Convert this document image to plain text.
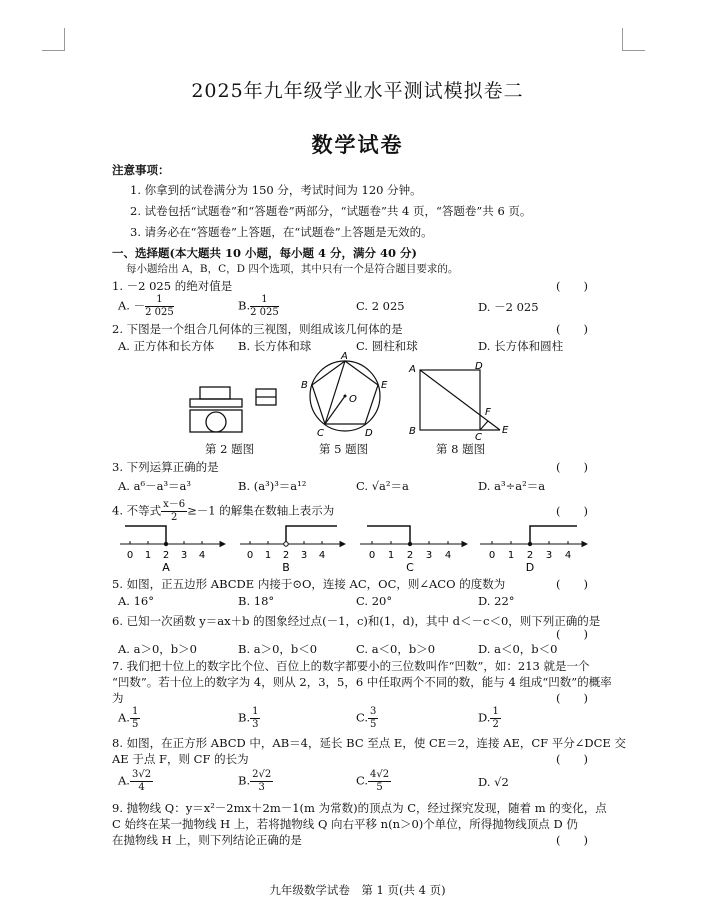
2025年九年级学业水平测试模拟卷二
数学试卷
注意事项：
1. 你拿到的试卷满分为 150 分，考试时间为 120 分钟。
2. 试卷包括“试题卷”和“答题卷”两部分，“试题卷”共 4 页，“答题卷”共 6 页。
3. 请务必在“答题卷”上答题，在“试题卷”上答题是无效的。
一、选择题(本大题共 10 小题，每小题 4 分，满分 40 分)
每小题给出 A，B，C，D 四个选项，其中只有一个是符合题目要求的。
1. －2 025 的绝对值是	(　　)
A. － $\frac{1}{2 025}$	B. $\frac{1}{2 025}$	C. 2 025	D. －2 025
2. 下图是一个组合几何体的三视图，则组成该几何体的是	(　　)
A. 正方体和长方体 B. 长方体和球	C. 圆柱和球	D. 长方体和圆柱
第 2 题图
A
E
D
C
B
O
第 5 题图
A	D
B
C
E
F
第 8 题图
3. 下列运算正确的是	(　　)
A. a⁶－a³＝a³	B. (a³)³＝a¹²	C. √a²＝a	D. a³÷a²＝a
4. 不等式 $\frac{x-6}{2} \ge-1$ 的解集在数轴上表示为	(　　)
0 1 2 3 4	0 1 2 3 4	0 1 2 3 4	0 1 2 3 4
A	B	C	D
5. 如图，正五边形 ABCDE 内接于⊙O，连接 AC，OC，则∠ACO 的度数为	(　　)
A. 16°	B. 18°	C. 20°	D. 22°
6. 已知一次函数 y＝ax＋b 的图象经过点(－1，c)和(1，d)，其中 d＜－c＜0，则下列正确的是
(　　)
A. a＞0，b＞0	B. a＞0，b＜0	C. a＜0，b＞0	D. a＜0，b＜0
7. 我们把十位上的数字比个位、百位上的数字都要小的三位数叫作“凹数”，如：213 就是一个
“凹数”。若十位上的数字为 4，则从 2，3，5，6 中任取两个不同的数，能与 4 组成“凹数”的概率
为	(　　)
A. $\frac{1}{5}$	B. $\frac{1}{3}$	C. $\frac{3}{5}$	D. $\frac{1}{2}$
8. 如图，在正方形 ABCD 中，AB＝4，延长 BC 至点 E，使 CE＝2，连接 AE，CF 平分∠DCE 交
AE 于点 F，则 CF 的长为	(　　)
A. $\frac{3√2}{4}$	B. $\frac{2√2}{3}$	C. $\frac{4√2}{5}$	D. √2
9. 抛物线 Q：y＝x²－2mx＋2m－1(m 为常数)的顶点为 C，经过探究发现，随着 m 的变化，点
C 始终在某一抛物线 H 上，若将抛物线 Q 向右平移 n(n＞0)个单位，所得抛物线顶点 D 仍
在抛物线 H 上，则下列结论正确的是	(　　)
九年级数学试卷　第 1 页(共 4 页)
